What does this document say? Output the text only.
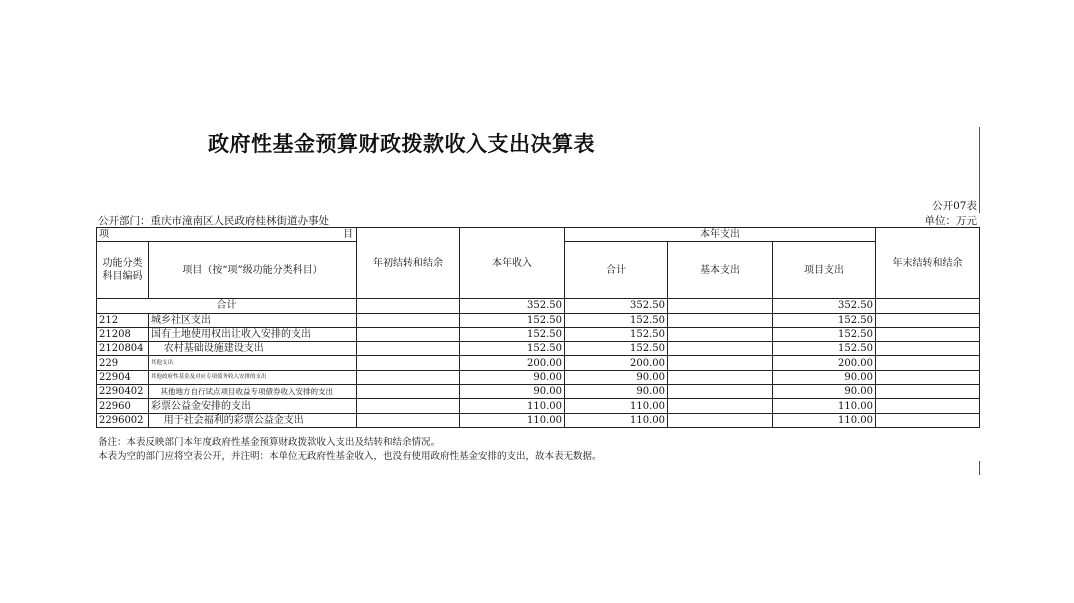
政府性基金预算财政拨款收入支出决算表
公开07表
公开部门：重庆市潼南区人民政府桂林街道办事处	单位：万元
项 目		年初结转和结余	本年收入	本年支出			年末结转和结余
功能分类科目编码	项目（按“项”级功能分类科目）			合计	基本支出	项目支出	

合计			352.50	352.50		352.50	
212	城乡社区支出		152.50	152.50		152.50	
21208	国有土地使用权出让收入安排的支出		152.50	152.50		152.50	
2120804	农村基础设施建设支出		152.50	152.50		152.50	
229	其他支出		200.00	200.00		200.00	
22904	其他政府性基金及对应专项债务收入安排的支出		90.00	90.00		90.00	
2290402	其他地方自行试点项目收益专项债券收入安排的支出		90.00	90.00		90.00	
22960	彩票公益金安排的支出		110.00	110.00		110.00	
2296002	用于社会福利的彩票公益金支出		110.00	110.00		110.00	
备注：本表反映部门本年度政府性基金预算财政拨款收入支出及结转和结余情况。
本表为空的部门应将空表公开，并注明：本单位无政府性基金收入，也没有使用政府性基金安排的支出，故本表无数据。
